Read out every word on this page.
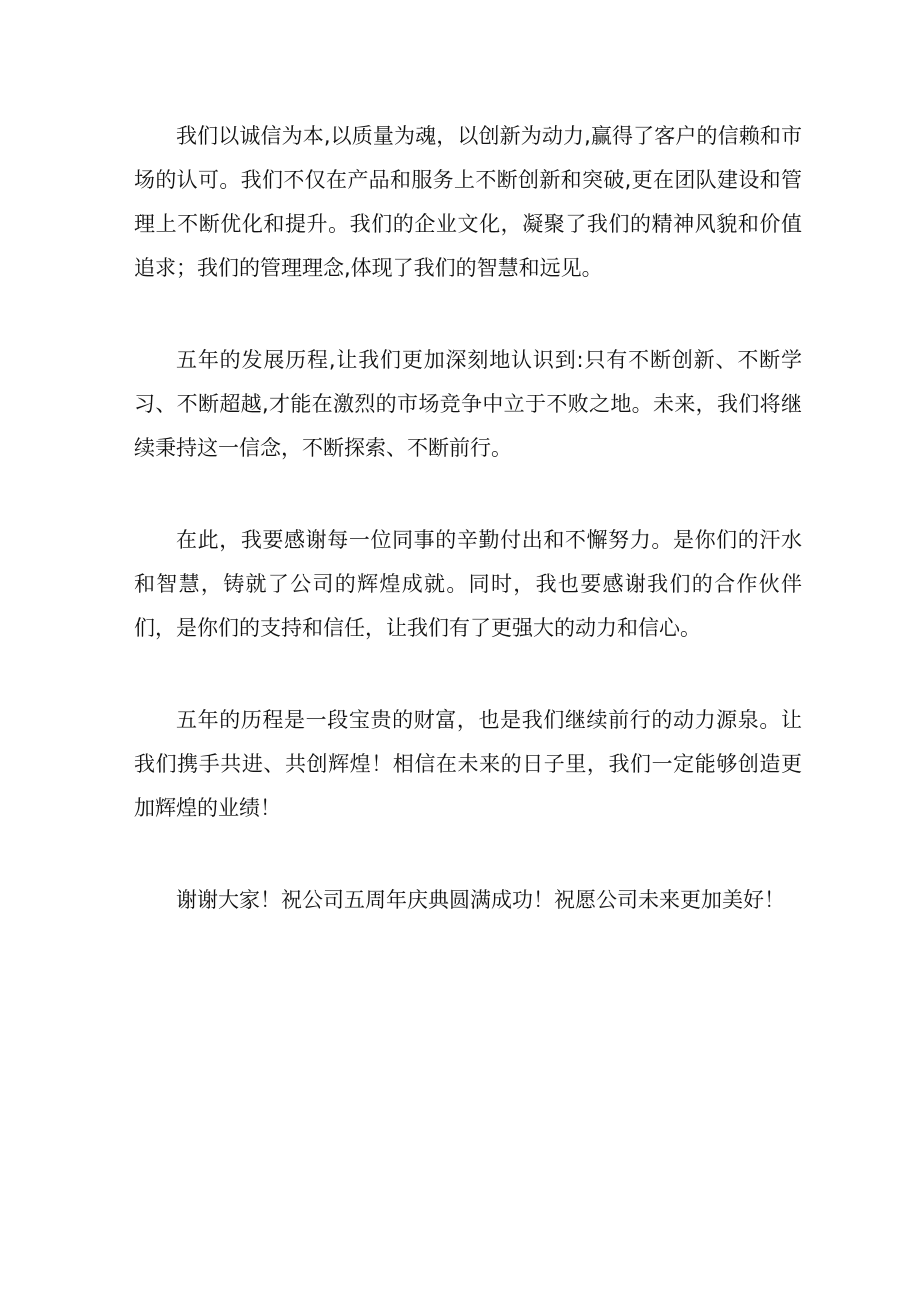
我们以诚信为本,以质量为魂，以创新为动力,赢得了客户的信赖和市场的认可。我们不仅在产品和服务上不断创新和突破,更在团队建设和管理上不断优化和提升。我们的企业文化，凝聚了我们的精神风貌和价值追求；我们的管理理念,体现了我们的智慧和远见。

五年的发展历程,让我们更加深刻地认识到:只有不断创新、不断学习、不断超越,才能在激烈的市场竞争中立于不败之地。未来，我们将继续秉持这一信念，不断探索、不断前行。

在此，我要感谢每一位同事的辛勤付出和不懈努力。是你们的汗水和智慧，铸就了公司的辉煌成就。同时，我也要感谢我们的合作伙伴们，是你们的支持和信任，让我们有了更强大的动力和信心。

五年的历程是一段宝贵的财富，也是我们继续前行的动力源泉。让我们携手共进、共创辉煌！相信在未来的日子里，我们一定能够创造更加辉煌的业绩！

谢谢大家！祝公司五周年庆典圆满成功！祝愿公司未来更加美好！
